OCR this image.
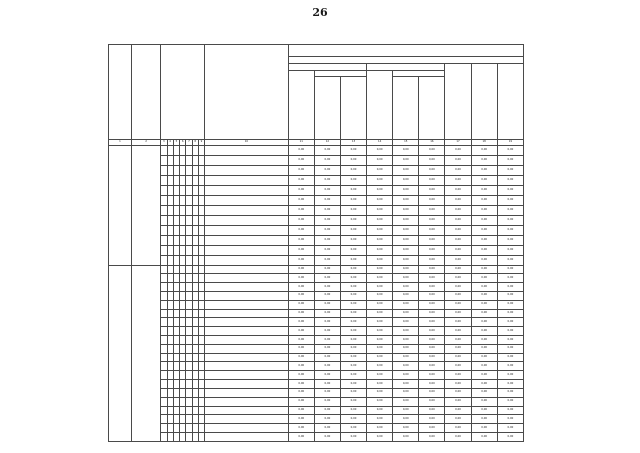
26

1	2	3	4	5	6	7	8	9	10	11	12	13	14	15	16	17	18	19
										0,00	0,00	0,00	0,00	0,00	0,00	0,00	0,00	0,00
										0,00	0,00	0,00	0,00	0,00	0,00	0,00	0,00	0,00
										0,00	0,00	0,00	0,00	0,00	0,00	0,00	0,00	0,00
										0,00	0,00	0,00	0,00	0,00	0,00	0,00	0,00	0,00
										0,00	0,00	0,00	0,00	0,00	0,00	0,00	0,00	0,00
										0,00	0,00	0,00	0,00	0,00	0,00	0,00	0,00	0,00
										0,00	0,00	0,00	0,00	0,00	0,00	0,00	0,00	0,00
										0,00	0,00	0,00	0,00	0,00	0,00	0,00	0,00	0,00
										0,00	0,00	0,00	0,00	0,00	0,00	0,00	0,00	0,00
										0,00	0,00	0,00	0,00	0,00	0,00	0,00	0,00	0,00
										0,00	0,00	0,00	0,00	0,00	0,00	0,00	0,00	0,00
										0,00	0,00	0,00	0,00	0,00	0,00	0,00	0,00	0,00
										0,00	0,00	0,00	0,00	0,00	0,00	0,00	0,00	0,00
										0,00	0,00	0,00	0,00	0,00	0,00	0,00	0,00	0,00
										0,00	0,00	0,00	0,00	0,00	0,00	0,00	0,00	0,00
										0,00	0,00	0,00	0,00	0,00	0,00	0,00	0,00	0,00
										0,00	0,00	0,00	0,00	0,00	0,00	0,00	0,00	0,00
										0,00	0,00	0,00	0,00	0,00	0,00	0,00	0,00	0,00
										0,00	0,00	0,00	0,00	0,00	0,00	0,00	0,00	0,00
										0,00	0,00	0,00	0,00	0,00	0,00	0,00	0,00	0,00
										0,00	0,00	0,00	0,00	0,00	0,00	0,00	0,00	0,00
										0,00	0,00	0,00	0,00	0,00	0,00	0,00	0,00	0,00
										0,00	0,00	0,00	0,00	0,00	0,00	0,00	0,00	0,00
										0,00	0,00	0,00	0,00	0,00	0,00	0,00	0,00	0,00
										0,00	0,00	0,00	0,00	0,00	0,00	0,00	0,00	0,00
										0,00	0,00	0,00	0,00	0,00	0,00	0,00	0,00	0,00
										0,00	0,00	0,00	0,00	0,00	0,00	0,00	0,00	0,00
										0,00	0,00	0,00	0,00	0,00	0,00	0,00	0,00	0,00
										0,00	0,00	0,00	0,00	0,00	0,00	0,00	0,00	0,00
										0,00	0,00	0,00	0,00	0,00	0,00	0,00	0,00	0,00
										0,00	0,00	0,00	0,00	0,00	0,00	0,00	0,00	0,00
										0,00	0,00	0,00	0,00	0,00	0,00	0,00	0,00	0,00
